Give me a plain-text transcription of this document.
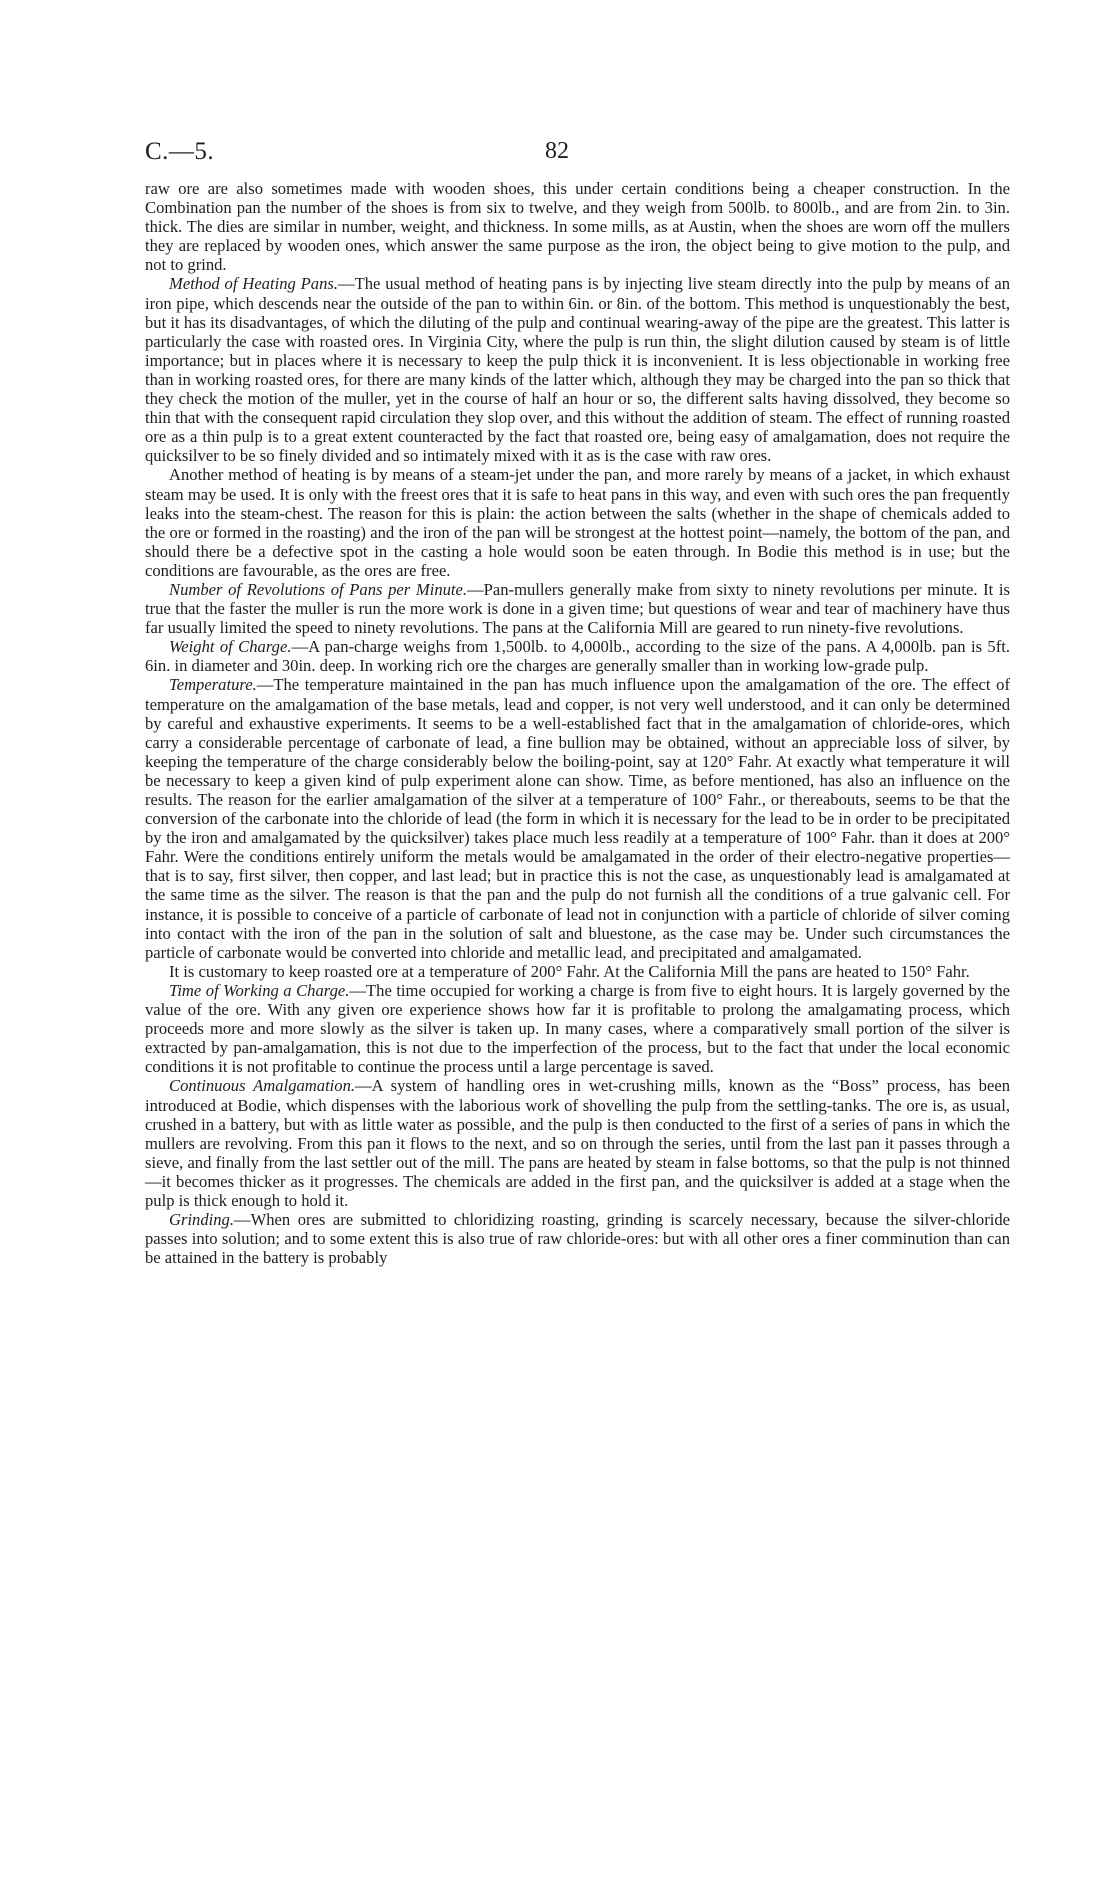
C.—5.	82

raw ore are also sometimes made with wooden shoes, this under certain conditions being a cheaper construction. In the Combination pan the number of the shoes is from six to twelve, and they weigh from 500lb. to 800lb., and are from 2in. to 3in. thick. The dies are similar in number, weight, and thickness. In some mills, as at Austin, when the shoes are worn off the mullers they are replaced by wooden ones, which answer the same purpose as the iron, the object being to give motion to the pulp, and not to grind.

Method of Heating Pans.—The usual method of heating pans is by injecting live steam directly into the pulp by means of an iron pipe, which descends near the outside of the pan to within 6in. or 8in. of the bottom. This method is unquestionably the best, but it has its disadvantages, of which the diluting of the pulp and continual wearing-away of the pipe are the greatest. This latter is particularly the case with roasted ores. In Virginia City, where the pulp is run thin, the slight dilution caused by steam is of little importance; but in places where it is necessary to keep the pulp thick it is inconvenient. It is less objectionable in working free than in working roasted ores, for there are many kinds of the latter which, although they may be charged into the pan so thick that they check the motion of the muller, yet in the course of half an hour or so, the different salts having dissolved, they become so thin that with the consequent rapid circulation they slop over, and this without the addition of steam. The effect of running roasted ore as a thin pulp is to a great extent counteracted by the fact that roasted ore, being easy of amalgamation, does not require the quicksilver to be so finely divided and so intimately mixed with it as is the case with raw ores.

Another method of heating is by means of a steam-jet under the pan, and more rarely by means of a jacket, in which exhaust steam may be used. It is only with the freest ores that it is safe to heat pans in this way, and even with such ores the pan frequently leaks into the steam-chest. The reason for this is plain: the action between the salts (whether in the shape of chemicals added to the ore or formed in the roasting) and the iron of the pan will be strongest at the hottest point—namely, the bottom of the pan, and should there be a defective spot in the casting a hole would soon be eaten through. In Bodie this method is in use; but the conditions are favourable, as the ores are free.

Number of Revolutions of Pans per Minute.—Pan-mullers generally make from sixty to ninety revolutions per minute. It is true that the faster the muller is run the more work is done in a given time; but questions of wear and tear of machinery have thus far usually limited the speed to ninety revolutions. The pans at the California Mill are geared to run ninety-five revolutions.

Weight of Charge.—A pan-charge weighs from 1,500lb. to 4,000lb., according to the size of the pans. A 4,000lb. pan is 5ft. 6in. in diameter and 30in. deep. In working rich ore the charges are generally smaller than in working low-grade pulp.

Temperature.—The temperature maintained in the pan has much influence upon the amalgamation of the ore. The effect of temperature on the amalgamation of the base metals, lead and copper, is not very well understood, and it can only be determined by careful and exhaustive experiments. It seems to be a well-established fact that in the amalgamation of chloride-ores, which carry a considerable percentage of carbonate of lead, a fine bullion may be obtained, without an appreciable loss of silver, by keeping the temperature of the charge considerably below the boiling-point, say at 120° Fahr. At exactly what temperature it will be necessary to keep a given kind of pulp experiment alone can show. Time, as before mentioned, has also an influence on the results. The reason for the earlier amalgamation of the silver at a temperature of 100° Fahr., or thereabouts, seems to be that the conversion of the carbonate into the chloride of lead (the form in which it is necessary for the lead to be in order to be precipitated by the iron and amalgamated by the quicksilver) takes place much less readily at a temperature of 100° Fahr. than it does at 200° Fahr. Were the conditions entirely uniform the metals would be amalgamated in the order of their electro-negative properties—that is to say, first silver, then copper, and last lead; but in practice this is not the case, as unquestionably lead is amalgamated at the same time as the silver. The reason is that the pan and the pulp do not furnish all the conditions of a true galvanic cell. For instance, it is possible to conceive of a particle of carbonate of lead not in conjunction with a particle of chloride of silver coming into contact with the iron of the pan in the solution of salt and bluestone, as the case may be. Under such circumstances the particle of carbonate would be converted into chloride and metallic lead, and precipitated and amalgamated.

It is customary to keep roasted ore at a temperature of 200° Fahr. At the California Mill the pans are heated to 150° Fahr.

Time of Working a Charge.—The time occupied for working a charge is from five to eight hours. It is largely governed by the value of the ore. With any given ore experience shows how far it is profitable to prolong the amalgamating process, which proceeds more and more slowly as the silver is taken up. In many cases, where a comparatively small portion of the silver is extracted by pan-amalgamation, this is not due to the imperfection of the process, but to the fact that under the local economic conditions it is not profitable to continue the process until a large percentage is saved.

Continuous Amalgamation.—A system of handling ores in wet-crushing mills, known as the “Boss” process, has been introduced at Bodie, which dispenses with the laborious work of shovelling the pulp from the settling-tanks. The ore is, as usual, crushed in a battery, but with as little water as possible, and the pulp is then conducted to the first of a series of pans in which the mullers are revolving. From this pan it flows to the next, and so on through the series, until from the last pan it passes through a sieve, and finally from the last settler out of the mill. The pans are heated by steam in false bottoms, so that the pulp is not thinned—it becomes thicker as it progresses. The chemicals are added in the first pan, and the quicksilver is added at a stage when the pulp is thick enough to hold it.

Grinding.—When ores are submitted to chloridizing roasting, grinding is scarcely necessary, because the silver-chloride passes into solution; and to some extent this is also true of raw chloride-ores: but with all other ores a finer comminution than can be attained in the battery is probably
